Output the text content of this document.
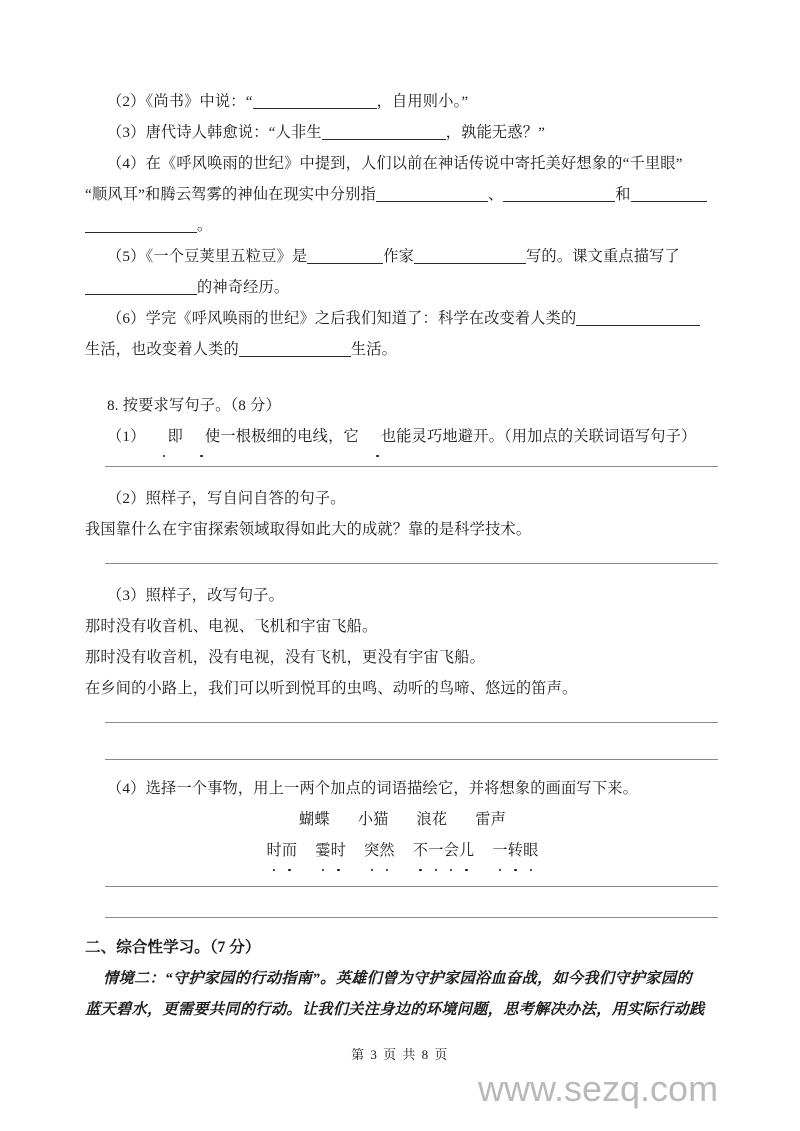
（2）《尚书》中说：“	，自用则小。”
（3）唐代诗人韩愈说：“人非生	，孰能无惑？”
（4）在《呼风唤雨的世纪》中提到，人们以前在神话传说中寄托美好想象的“千里眼”
“顺风耳”和腾云驾雾的神仙在现实中分别指	、	和
。
（5）《一个豆荚里五粒豆》是	作家	写的。课文重点描写了
的神奇经历。
（6）学完《呼风唤雨的世纪》之后我们知道了：科学在改变着人类的
生活，也改变着人类的	生活。
8. 按要求写句子。（8 分）
（1） 即 使一根极细的电线，它 也能灵巧地避开。（用加点的关联词语写句子）
（2）照样子，写自问自答的句子。
我国靠什么在宇宙探索领域取得如此大的成就？靠的是科学技术。
（3）照样子，改写句子。
那时没有收音机、电视、飞机和宇宙飞船。
那时没有收音机，没有电视，没有飞机，更没有宇宙飞船。
在乡间的小路上，我们可以听到悦耳的虫鸣、动听的鸟啼、悠远的笛声。
（4）选择一个事物，用上一两个加点的词语描绘它，并将想象的画面写下来。
蝴蝶 小猫 浪花 雷声
时而 霎时 突然 不一会儿 一转眼
二、综合性学习。（7 分）
情境二：“守护家园的行动指南”。英雄们曾为守护家园浴血奋战，如今我们守护家园的
蓝天碧水，更需要共同的行动。让我们关注身边的环境问题，思考解决办法，用实际行动践
第 3 页 共 8 页
www.sezq.com
